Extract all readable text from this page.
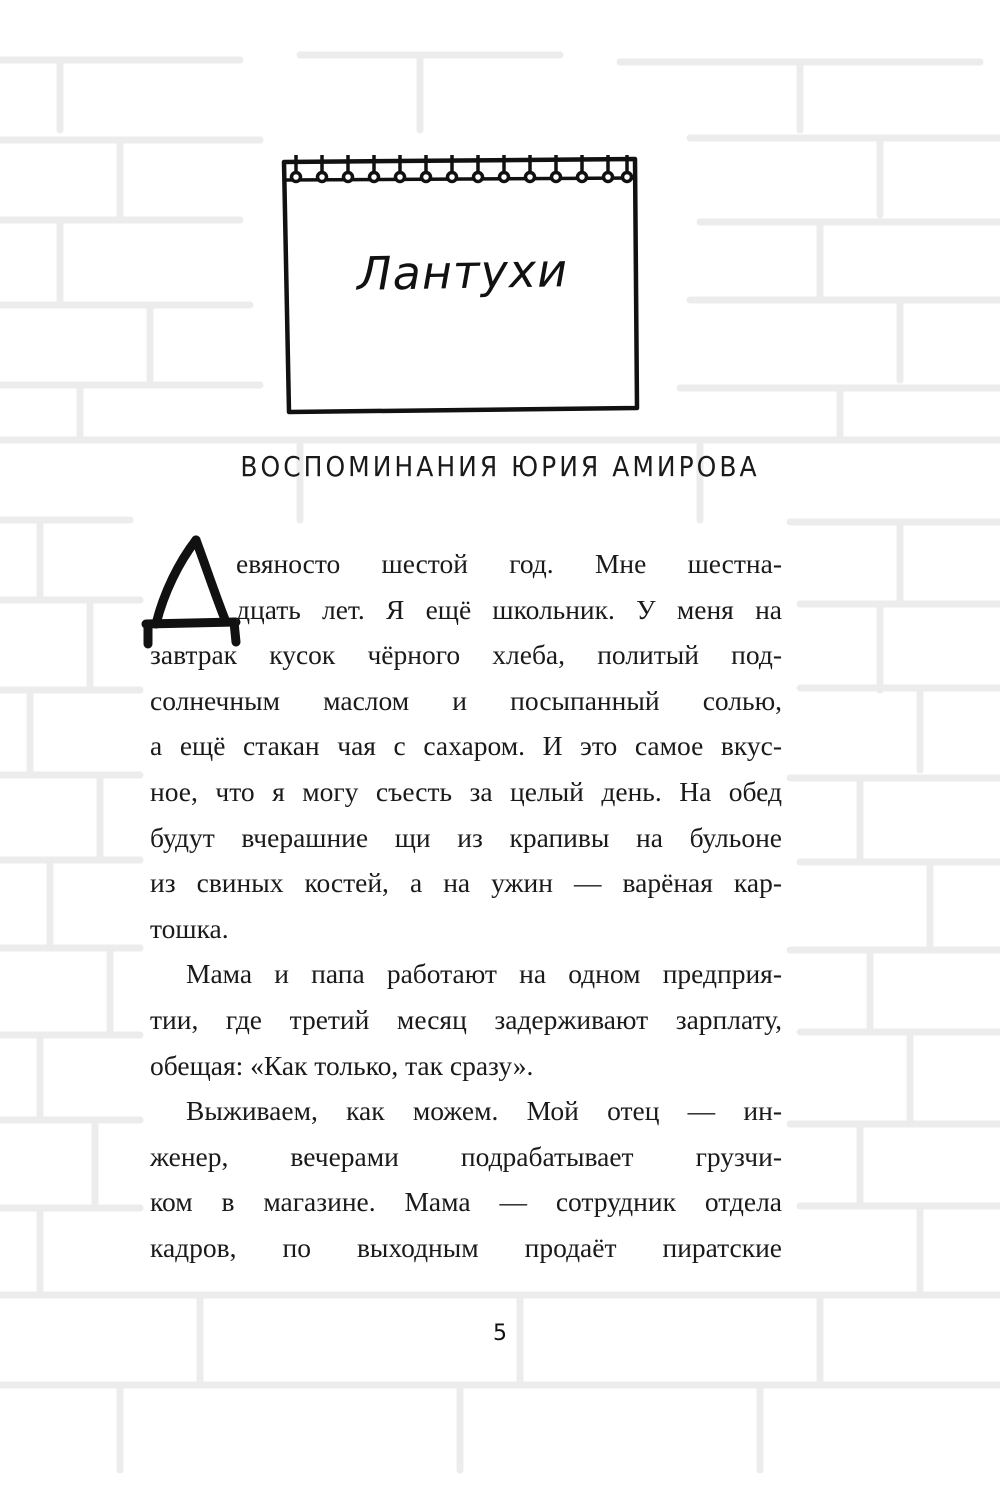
Лантухи
ВОСПОМИНАНИЯ ЮРИЯ АМИРОВА
евяносто шестой год. Мне шестна-
дцать лет. Я ещё школьник. У меня на
завтрак кусок чёрного хлеба, политый под-
солнечным маслом и посыпанный солью,
а ещё стакан чая с сахаром. И это самое вкус-
ное, что я могу съесть за целый день. На обед
будут вчерашние щи из крапивы на бульоне
из свиных костей, а на ужин — варёная кар-
тошка.
Мама и папа работают на одном предприя-
тии, где третий месяц задерживают зарплату,
обещая: «Как только, так сразу».
Выживаем, как можем. Мой отец — ин-
женер, вечерами подрабатывает грузчи-
ком в магазине. Мама — сотрудник отдела
кадров, по выходным продаёт пиратские
5
